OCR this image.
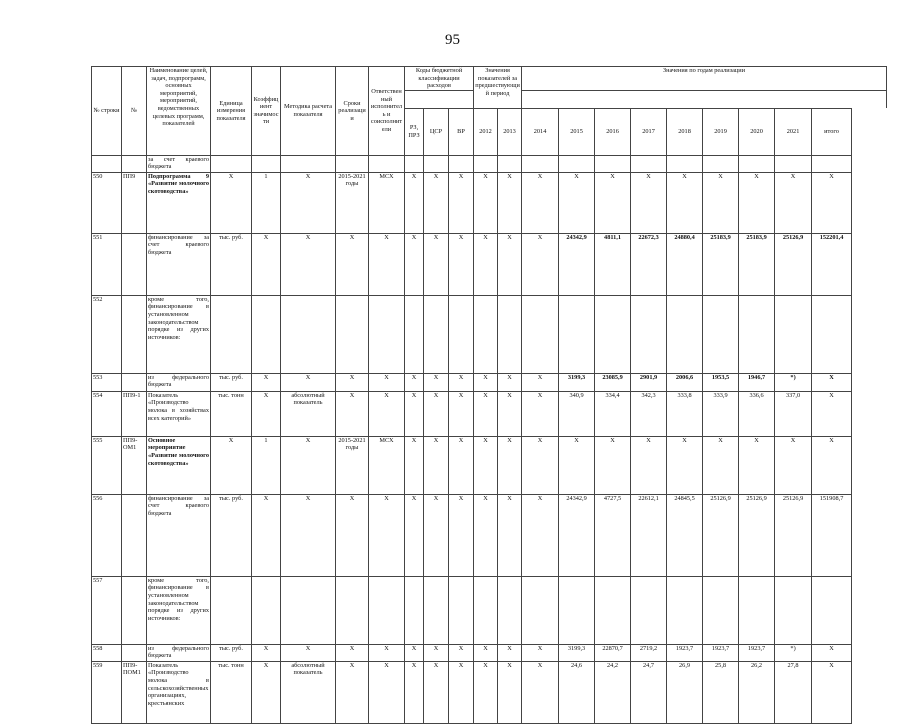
95
№ строки	№	Наименование целей, задач, подпрограмм, основных мероприятий, мероприятий, ведомственных целевых программ, показателей	Единица измерения показателя	Коэффициент значимости	Методика расчета показателя	Сроки реализации	Ответственный исполнитель и соисполнители	Коды бюджетной классификации расходов			Значения показателей за предшествующий период		Значения по годам реализации								

								РЗ, ПРЗ	ЦСР	ВР	2012	2013	2014	2015	2016	2017	2018	2019	2020	2021	итого

		за счет краевого бюджета																			

550	ПП9	Подпрограмма 9 «Развитие молочного скотоводства»	Х	1	Х	2015-2021 годы	МСХ	Х	Х	Х	Х	Х	Х	Х	Х	Х	Х	Х	Х	Х	Х
551		финансирование за счет краевого бюджета	тыс. руб.	Х	Х	Х	Х	Х	Х	Х	Х	Х	Х	24342,9	4811,1	22672,3	24880,4	25183,9	25183,9	25126,9	152201,4
552		кроме того, финансирование в установленном законодательством порядке из других источников:																			

553		из федерального бюджета	тыс. руб.	Х	Х	Х	Х	Х	Х	Х	Х	Х	Х	3199,3	23085,9	2901,9	2006,6	1953,5	1946,7	*)	Х
554	ПП9-1	Показатель «Производство молока в хозяйствах всех категорий»	тыс. тонн	Х	абсолютный показатель	Х	Х	Х	Х	Х	Х	Х	Х	340,9	334,4	342,3	333,8	333,9	336,6	337,0	Х
555	ПП9-ОМ1	Основное мероприятие «Развитие молочного скотоводства»	Х	1	Х	2015-2021 годы	МСХ	Х	Х	Х	Х	Х	Х	Х	Х	Х	Х	Х	Х	Х	Х
556		финансирование за счет краевого бюджета	тыс. руб.	Х	Х	Х	Х	Х	Х	Х	Х	Х	Х	24342,9	4727,5	22612,1	24845,5	25126,9	25126,9	25126,9	151908,7
557		кроме того, финансирование в установленном законодательством порядке из других источников:																			

558		из федерального бюджета	тыс. руб.	Х	Х	Х	Х	Х	Х	Х	Х	Х	Х	3199,3	22870,7	2719,2	1923,7	1923,7	1923,7	*)	Х
559	ПП9-ПОМ1	Показатель «Производство молока в сельскохозяйственных организациях, крестьянских	тыс. тонн	Х	абсолютный показатель	Х	Х	Х	Х	Х	Х	Х	Х	24,6	24,2	24,7	26,9	25,8	26,2	27,8	Х
